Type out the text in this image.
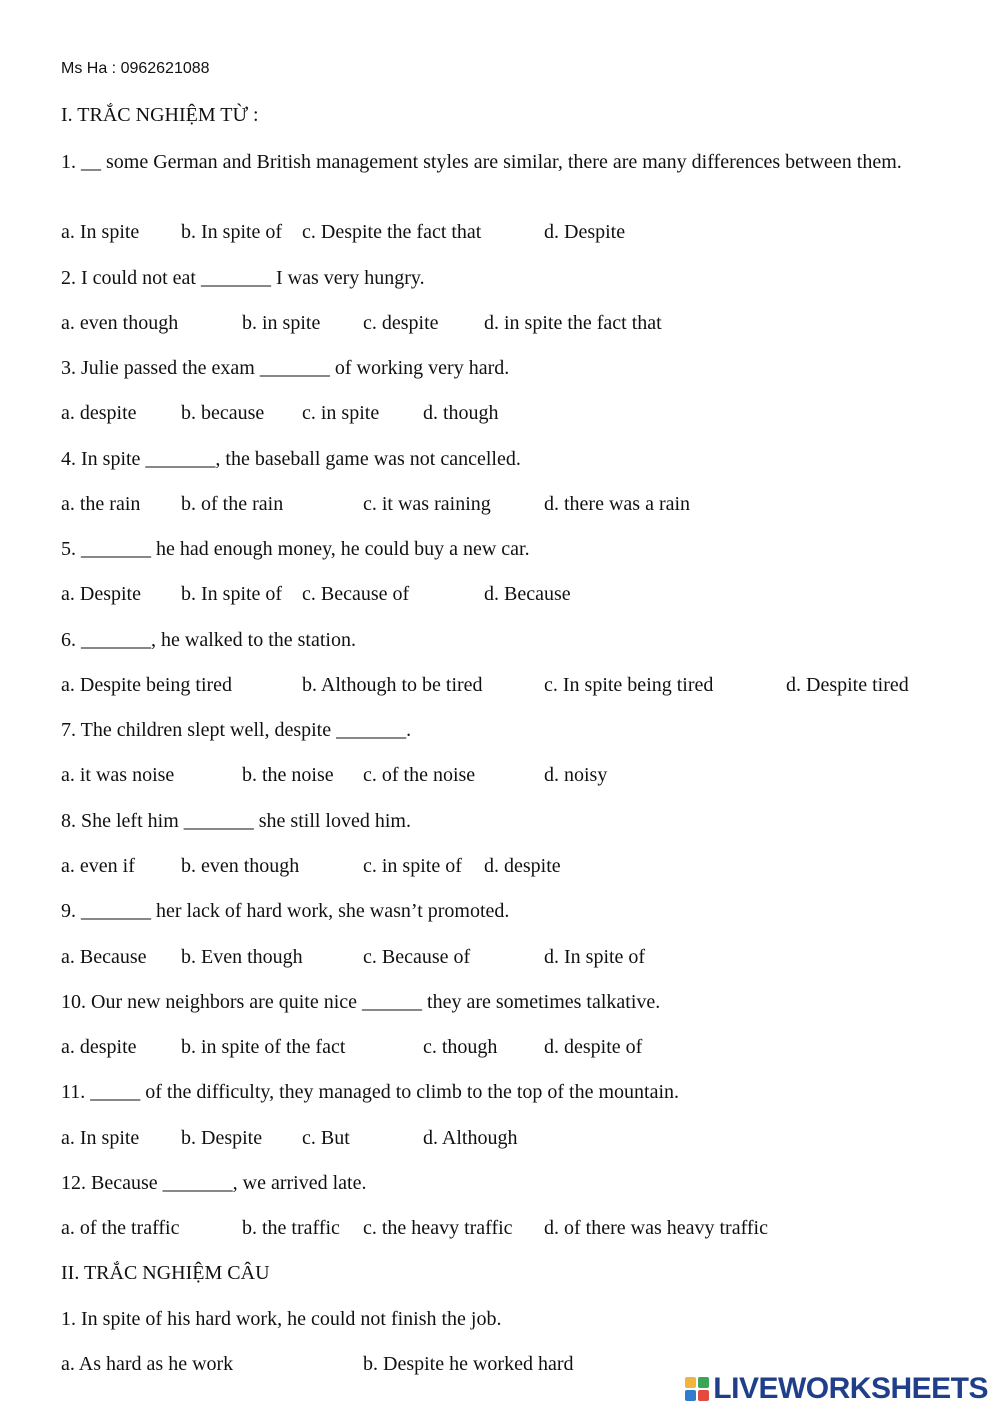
Ms Ha : 0962621088
I. TRẮC NGHIỆM TỪ :
1. __ some German and British management styles are similar, there are many differences between them.
a. In spite b. In spite of c. Despite the fact that	d. Despite
2. I could not eat _______ I was very hungry.
a. even though	b. in spite c. despite d. in spite the fact that
3. Julie passed the exam _______ of working very hard.
a. despite b. because c. in spite d. though
4. In spite _______, the baseball game was not cancelled.
a. the rain b. of the rain	c. it was raining	d. there was a rain
5. _______ he had enough money, he could buy a new car.
a. Despite b. In spite of c. Because of	d. Because
6. _______, he walked to the station.
a. Despite being tired	b. Although to be tired	c. In spite being tired	d. Despite tired
7. The children slept well, despite _______.
a. it was noise	b. the noise c. of the noise	d. noisy
8. She left him _______ she still loved him.
a. even if b. even though	c. in spite of d. despite
9. _______ her lack of hard work, she wasn’t promoted.
a. Because b. Even though	c. Because of	d. In spite of
10. Our new neighbors are quite nice ______ they are sometimes talkative.
a. despite b. in spite of the fact	c. though d. despite of
11. _____ of the difficulty, they managed to climb to the top of the mountain.
a. In spite b. Despite c. But	d. Although
12. Because _______, we arrived late.
a. of the traffic	b. the traffic c. the heavy traffic d. of there was heavy traffic
II. TRẮC NGHIỆM CÂU
1. In spite of his hard work, he could not finish the job.
a. As hard as he work	b. Despite he worked hard
LIVEWORKSHEETS
